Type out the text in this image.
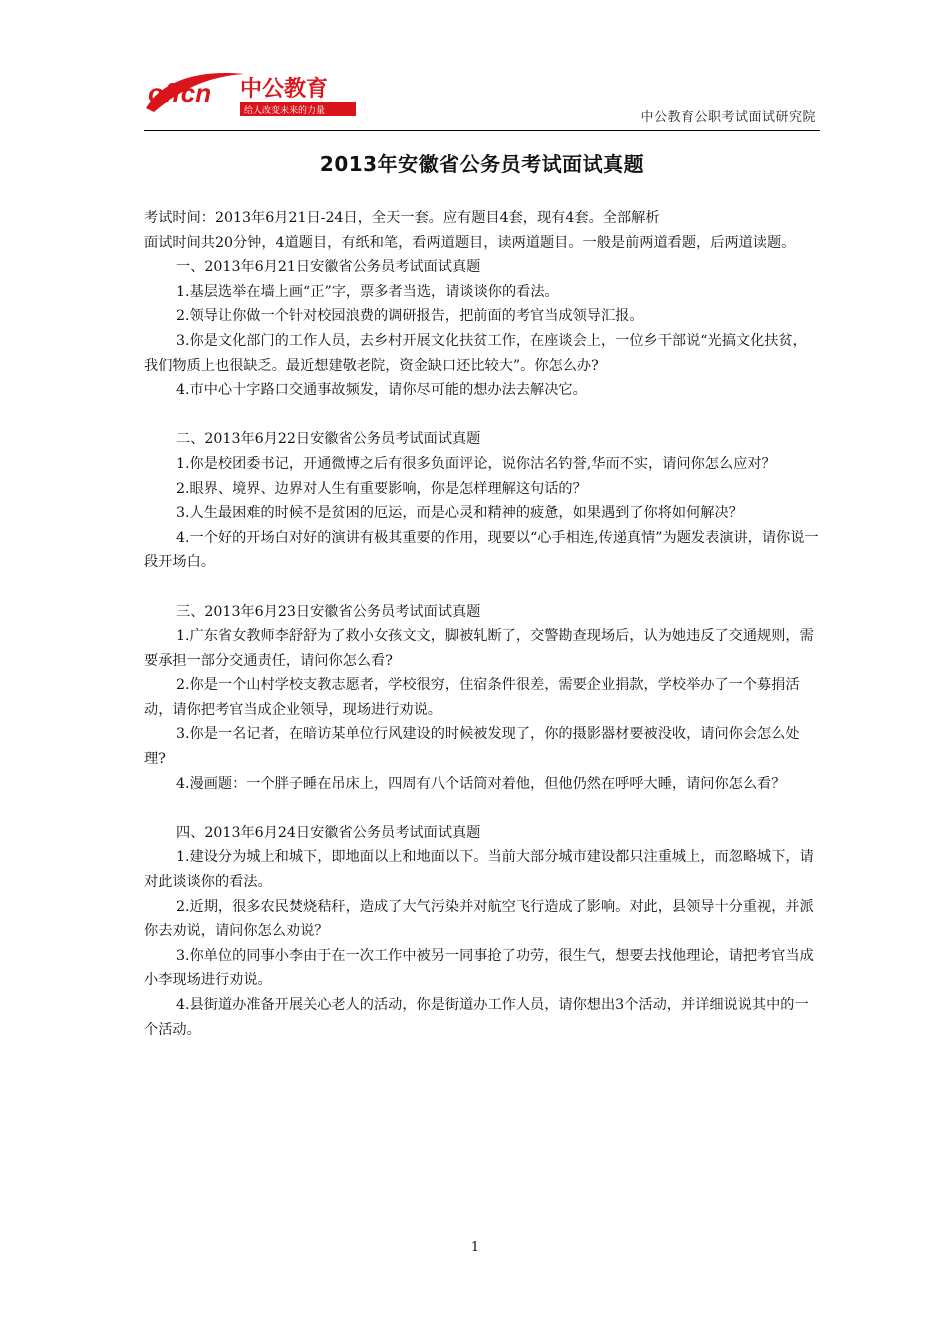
offcn 中公教育
给人改变未来的力量	中公教育公职考试面试研究院
2013年安徽省公务员考试面试真题

考试时间：2013年6月21日-24日，全天一套。应有题目4套，现有4套。全部解析

面试时间共20分钟，4道题目，有纸和笔，看两道题目，读两道题目。一般是前两道看题，后两道读题。

一、2013年6月21日安徽省公务员考试面试真题

1.基层选举在墙上画“正”字，票多者当选，请谈谈你的看法。

2.领导让你做一个针对校园浪费的调研报告，把前面的考官当成领导汇报。

3.你是文化部门的工作人员，去乡村开展文化扶贫工作，在座谈会上，一位乡干部说“光搞文化扶贫，我们物质上也很缺乏。最近想建敬老院，资金缺口还比较大”。你怎么办?

4.市中心十字路口交通事故频发，请你尽可能的想办法去解决它。

二、2013年6月22日安徽省公务员考试面试真题

1.你是校团委书记，开通微博之后有很多负面评论，说你沽名钓誉,华而不实，请问你怎么应对？

2.眼界、境界、边界对人生有重要影响，你是怎样理解这句话的？

3.人生最困难的时候不是贫困的厄运，而是心灵和精神的疲惫，如果遇到了你将如何解决？

4.一个好的开场白对好的演讲有极其重要的作用，现要以“心手相连,传递真情”为题发表演讲，请你说一段开场白。

三、2013年6月23日安徽省公务员考试面试真题

1.广东省女教师李舒舒为了救小女孩文文，脚被轧断了，交警勘查现场后，认为她违反了交通规则，需要承担一部分交通责任，请问你怎么看?

2.你是一个山村学校支教志愿者，学校很穷，住宿条件很差，需要企业捐款，学校举办了一个募捐活动，请你把考官当成企业领导，现场进行劝说。

3.你是一名记者，在暗访某单位行风建设的时候被发现了，你的摄影器材要被没收，请问你会怎么处理?

4.漫画题：一个胖子睡在吊床上，四周有八个话筒对着他，但他仍然在呼呼大睡，请问你怎么看？

四、2013年6月24日安徽省公务员考试面试真题

1.建设分为城上和城下，即地面以上和地面以下。当前大部分城市建设都只注重城上，而忽略城下，请对此谈谈你的看法。

2.近期，很多农民焚烧秸秆，造成了大气污染并对航空飞行造成了影响。对此，县领导十分重视，并派你去劝说，请问你怎么劝说？

3.你单位的同事小李由于在一次工作中被另一同事抢了功劳，很生气，想要去找他理论，请把考官当成小李现场进行劝说。

4.县街道办准备开展关心老人的活动，你是街道办工作人员，请你想出3个活动，并详细说说其中的一个活动。

1
